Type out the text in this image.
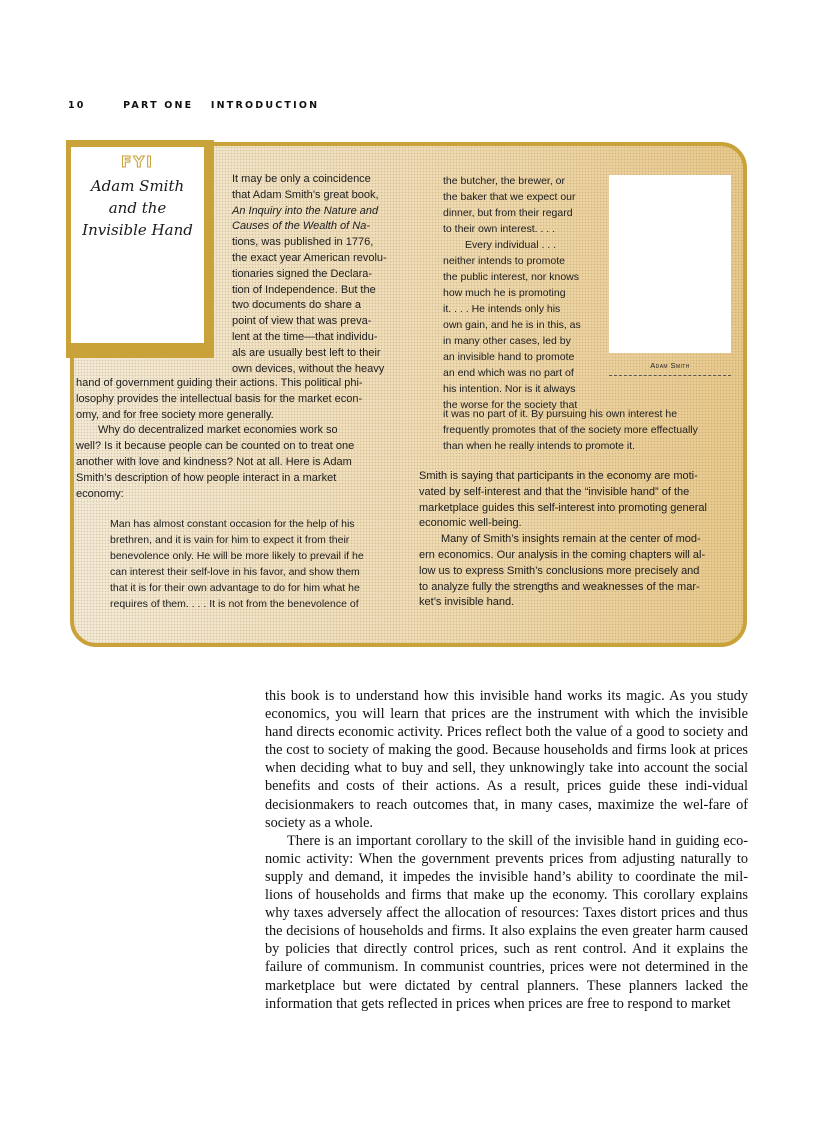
10	PART ONE INTRODUCTION
FYI
Adam Smith
and the
Invisible Hand
It may be only a coincidence
that Adam Smith’s great book,
An Inquiry into the Nature and
Causes of the Wealth of Na-
tions, was published in 1776,
the exact year American revolu-
tionaries signed the Declara-
tion of Independence. But the
two documents do share a
point of view that was preva-
lent at the time—that individu-
als are usually best left to their
own devices, without the heavy
hand of government guiding their actions. This political phi-
losophy provides the intellectual basis for the market econ-
omy, and for free society more generally.
Why do decentralized market economies work so
well? Is it because people can be counted on to treat one
another with love and kindness? Not at all. Here is Adam
Smith’s description of how people interact in a market
economy:
Man has almost constant occasion for the help of his
brethren, and it is vain for him to expect it from their
benevolence only. He will be more likely to prevail if he
can interest their self-love in his favor, and show them
that it is for their own advantage to do for him what he
requires of them. . . . It is not from the benevolence of
the butcher, the brewer, or
the baker that we expect our
dinner, but from their regard
to their own interest. . . .
Every individual . . .
neither intends to promote
the public interest, nor knows
how much he is promoting
it. . . . He intends only his
own gain, and he is in this, as
in many other cases, led by
an invisible hand to promote
an end which was no part of
his intention. Nor is it always
the worse for the society that
Adam Smith
it was no part of it. By pursuing his own interest he
frequently promotes that of the society more effectually
than when he really intends to promote it.
Smith is saying that participants in the economy are moti-
vated by self-interest and that the “invisible hand” of the
marketplace guides this self-interest into promoting general
economic well-being.
Many of Smith’s insights remain at the center of mod-
ern economics. Our analysis in the coming chapters will al-
low us to express Smith’s conclusions more precisely and
to analyze fully the strengths and weaknesses of the mar-
ket’s invisible hand.

this book is to understand how this invisible hand works its magic. As you study economics, you will learn that prices are the instrument with which the invisible hand directs economic activity. Prices reflect both the value of a good to society and the cost to society of making the good. Because households and firms look at prices when deciding what to buy and sell, they unknowingly take into account the social benefits and costs of their actions. As a result, prices guide these indi-vidual decisionmakers to reach outcomes that, in many cases, maximize the wel-fare of society as a whole.

There is an important corollary to the skill of the invisible hand in guiding eco-nomic activity: When the government prevents prices from adjusting naturally to supply and demand, it impedes the invisible hand’s ability to coordinate the mil-lions of households and firms that make up the economy. This corollary explains why taxes adversely affect the allocation of resources: Taxes distort prices and thus the decisions of households and firms. It also explains the even greater harm caused by policies that directly control prices, such as rent control. And it explains the failure of communism. In communist countries, prices were not determined in the marketplace but were dictated by central planners. These planners lacked the information that gets reflected in prices when prices are free to respond to market
